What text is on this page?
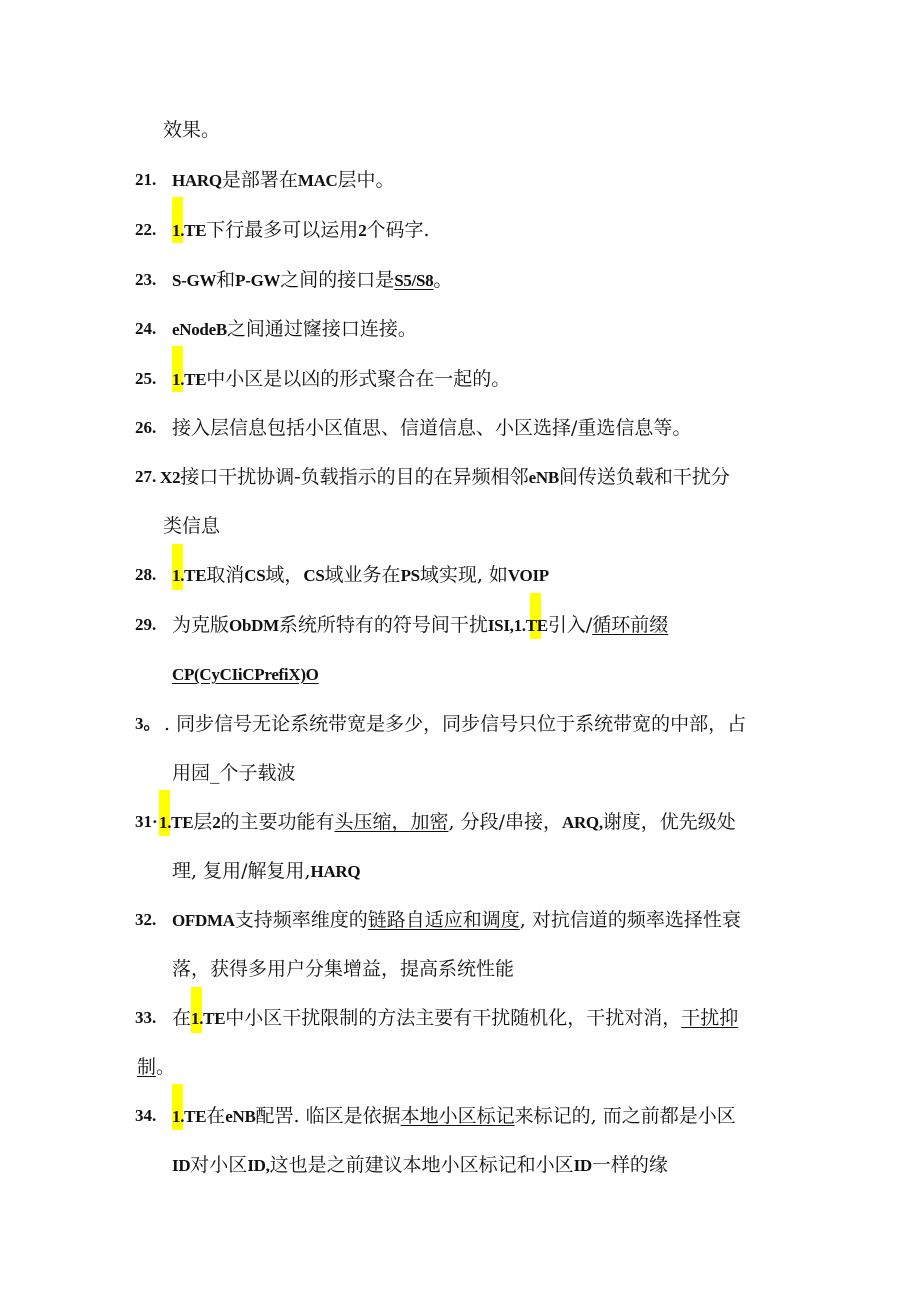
效果。
21. HARQ是部署在MAC层中。
22. 1.TE下行最多可以运用2个码字.
23. S-GW和P-GW之间的接口是S5/S8。
24. eNodeB之间通过窿接口连接。
25. 1.TE中小区是以凶的形式聚合在一起的。
26. 接入层信息包括小区值思、信道信息、小区选择/重选信息等。
27. X2接口干扰协调-负载指示的目的在异频相邻eNB间传送负载和干扰分
类信息
28. 1.TE取消CS域，CS域业务在PS域实现, 如VOIP
29. 为克版ObDM系统所特有的符号间干扰ISI,1.TE引入/循环前缀
CP(CyCIiCPrefiX)O
3。 . 同步信号无论系统带宽是多少，同步信号只位于系统带宽的中部，占
用园_个子载波
31· 1.TE层2的主要功能有头压缩，加密, 分段/串接，ARQ,谢度，优先级处
理, 复用/解复用,HARQ
32. OFDMA支持频率维度的链路自适应和调度, 对抗信道的频率选择性衰
落，获得多用户分集增益，提高系统性能
33. 在1.TE中小区干扰限制的方法主要有干扰随机化，干扰对消，干扰抑
制。
34. 1.TE在eNB配罟. 临区是依据本地小区标记来标记的, 而之前都是小区
ID对小区ID,这也是之前建议本地小区标记和小区ID一样的缘
